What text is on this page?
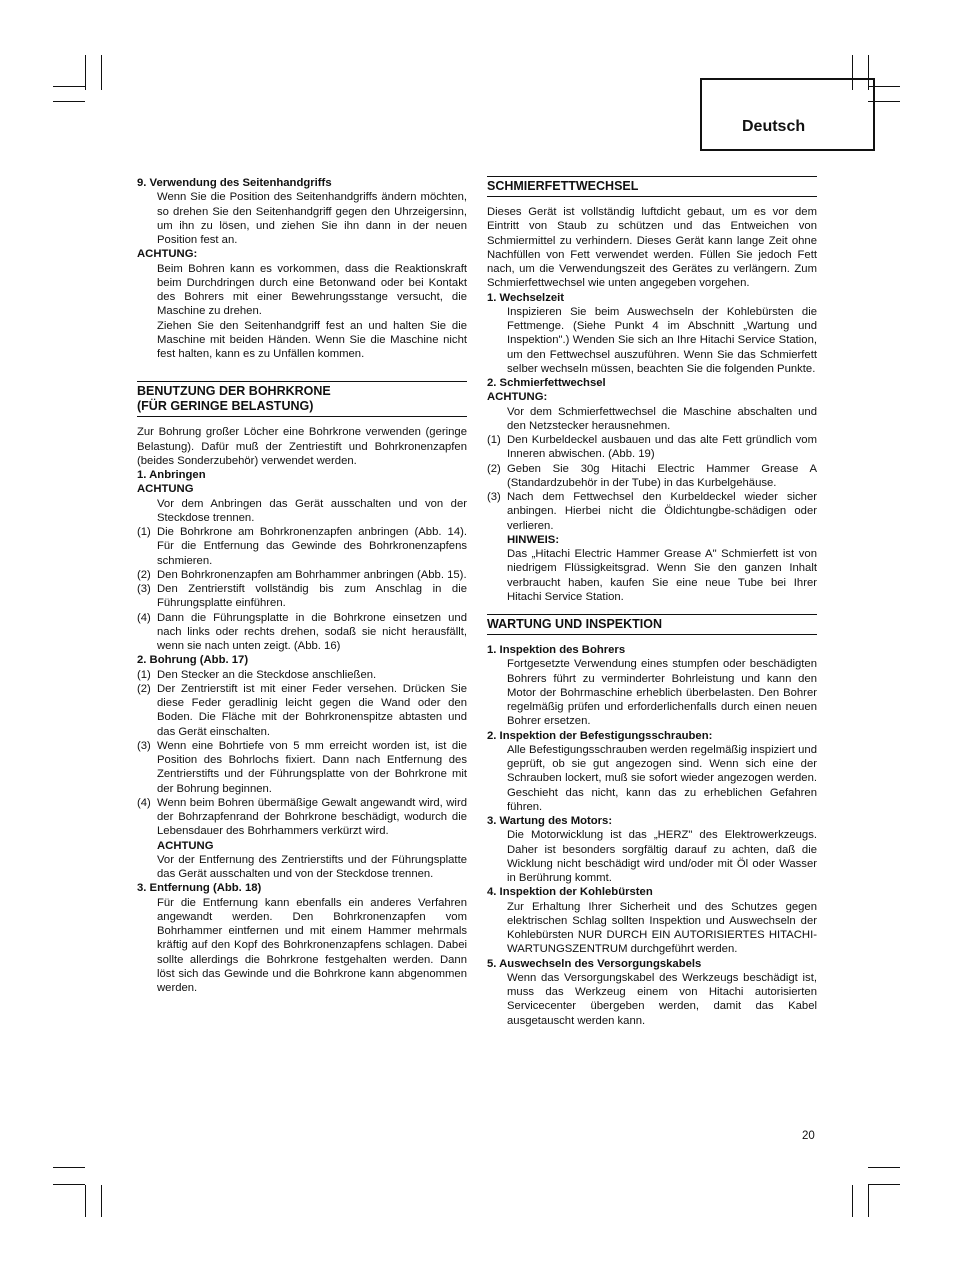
Deutsch

9. Verwendung des Seitenhandgriffs

Wenn Sie die Position des Seitenhandgriffs ändern möchten, so drehen Sie den Seitenhandgriff gegen den Uhrzeigersinn, um ihn zu lösen, und ziehen Sie ihn dann in der neuen Position fest an.

ACHTUNG:

Beim Bohren kann es vorkommen, dass die Reaktionskraft beim Durchdringen durch eine Betonwand oder bei Kontakt des Bohrers mit einer Bewehrungsstange versucht, die Maschine zu drehen.

Ziehen Sie den Seitenhandgriff fest an und halten Sie die Maschine mit beiden Händen. Wenn Sie die Maschine nicht fest halten, kann es zu Unfällen kommen.

BENUTZUNG DER BOHRKRONE
(FÜR GERINGE BELASTUNG)

Zur Bohrung großer Löcher eine Bohrkrone verwenden (geringe Belastung). Dafür muß der Zentriestift und Bohrkronenzapfen (beides Sonderzubehör) verwendet werden.

1. Anbringen

ACHTUNG

Vor dem Anbringen das Gerät ausschalten und von der Steckdose trennen.

(1) Die Bohrkrone am Bohrkronenzapfen anbringen (Abb. 14). Für die Entfernung das Gewinde des Bohrkronenzapfens schmieren.
(2) Den Bohrkronenzapfen am Bohrhammer anbringen (Abb. 15).
(3) Den Zentrierstift vollständig bis zum Anschlag in die Führungsplatte einführen.
(4) Dann die Führungsplatte in die Bohrkrone einsetzen und nach links oder rechts drehen, sodaß sie nicht herausfällt, wenn sie nach unten zeigt. (Abb. 16)

2. Bohrung (Abb. 17)

(1) Den Stecker an die Steckdose anschließen.
(2) Der Zentrierstift ist mit einer Feder versehen. Drücken Sie diese Feder geradlinig leicht gegen die Wand oder den Boden. Die Fläche mit der Bohrkronenspitze abtasten und das Gerät einschalten.
(3) Wenn eine Bohrtiefe von 5 mm erreicht worden ist, ist die Position des Bohrlochs fixiert. Dann nach Entfernung des Zentrierstifts und der Führungsplatte von der Bohrkrone mit der Bohrung beginnen.
(4) Wenn beim Bohren übermäßige Gewalt angewandt wird, wird der Bohrzapfenrand der Bohrkrone beschädigt, wodurch die Lebensdauer des Bohrhammers verkürzt wird.

ACHTUNG

Vor der Entfernung des Zentrierstifts und der Führungsplatte das Gerät ausschalten und von der Steckdose trennen.

3. Entfernung (Abb. 18)

Für die Entfernung kann ebenfalls ein anderes Verfahren angewandt werden. Den Bohrkronenzapfen vom Bohrhammer eintfernen und mit einem Hammer mehrmals kräftig auf den Kopf des Bohrkronenzapfens schlagen. Dabei sollte allerdings die Bohrkrone festgehalten werden. Dann löst sich das Gewinde und die Bohrkrone kann abgenommen werden.

SCHMIERFETTWECHSEL

Dieses Gerät ist vollständig luftdicht gebaut, um es vor dem Eintritt von Staub zu schützen und das Entweichen von Schmiermittel zu verhindern. Dieses Gerät kann lange Zeit ohne Nachfüllen von Fett verwendet werden. Füllen Sie jedoch Fett nach, um die Verwendungszeit des Gerätes zu verlängern. Zum Schmierfettwechsel wie unten angegeben vorgehen.

1. Wechselzeit

Inspizieren Sie beim Auswechseln der Kohlebürsten die Fettmenge. (Siehe Punkt 4 im Abschnitt „Wartung und Inspektion".) Wenden Sie sich an Ihre Hitachi Service Station, um den Fettwechsel auszuführen. Wenn Sie das Schmierfett selber wechseln müssen, beachten Sie die folgenden Punkte.

2. Schmierfettwechsel

ACHTUNG:

Vor dem Schmierfettwechsel die Maschine abschalten und den Netzstecker herausnehmen.

(1) Den Kurbeldeckel ausbauen und das alte Fett gründlich vom Inneren abwischen. (Abb. 19)
(2) Geben Sie 30g Hitachi Electric Hammer Grease A (Standardzubehör in der Tube) in das Kurbelgehäuse.
(3) Nach dem Fettwechsel den Kurbeldeckel wieder sicher anbingen. Hierbei nicht die Öldichtungbe-schädigen oder verlieren.

HINWEIS:

Das „Hitachi Electric Hammer Grease A" Schmierfett ist von niedrigem Flüssigkeitsgrad. Wenn Sie den ganzen Inhalt verbraucht haben, kaufen Sie eine neue Tube bei Ihrer Hitachi Service Station.

WARTUNG UND INSPEKTION

1. Inspektion des Bohrers

Fortgesetzte Verwendung eines stumpfen oder beschädigten Bohrers führt zu verminderter Bohrleistung und kann den Motor der Bohrmaschine erheblich überbelasten. Den Bohrer regelmäßig prüfen und erforderlichenfalls durch einen neuen Bohrer ersetzen.

2. Inspektion der Befestigungsschrauben:

Alle Befestigungsschrauben werden regelmäßig inspiziert und geprüft, ob sie gut angezogen sind. Wenn sich eine der Schrauben lockert, muß sie sofort wieder angezogen werden. Geschieht das nicht, kann das zu erheblichen Gefahren führen.

3. Wartung des Motors:

Die Motorwicklung ist das „HERZ" des Elektrowerkzeugs. Daher ist besonders sorgfältig darauf zu achten, daß die Wicklung nicht beschädigt wird und/oder mit Öl oder Wasser in Berührung kommt.

4. Inspektion der Kohlebürsten

Zur Erhaltung Ihrer Sicherheit und des Schutzes gegen elektrischen Schlag sollten Inspektion und Auswechseln der Kohlebürsten NUR DURCH EIN AUTORISIERTES HITACHI-WARTUNGSZENTRUM durchgeführt werden.

5. Auswechseln des Versorgungskabels

Wenn das Versorgungskabel des Werkzeugs beschädigt ist, muss das Werkzeug einem von Hitachi autorisierten Servicecenter übergeben werden, damit das Kabel ausgetauscht werden kann.

20
